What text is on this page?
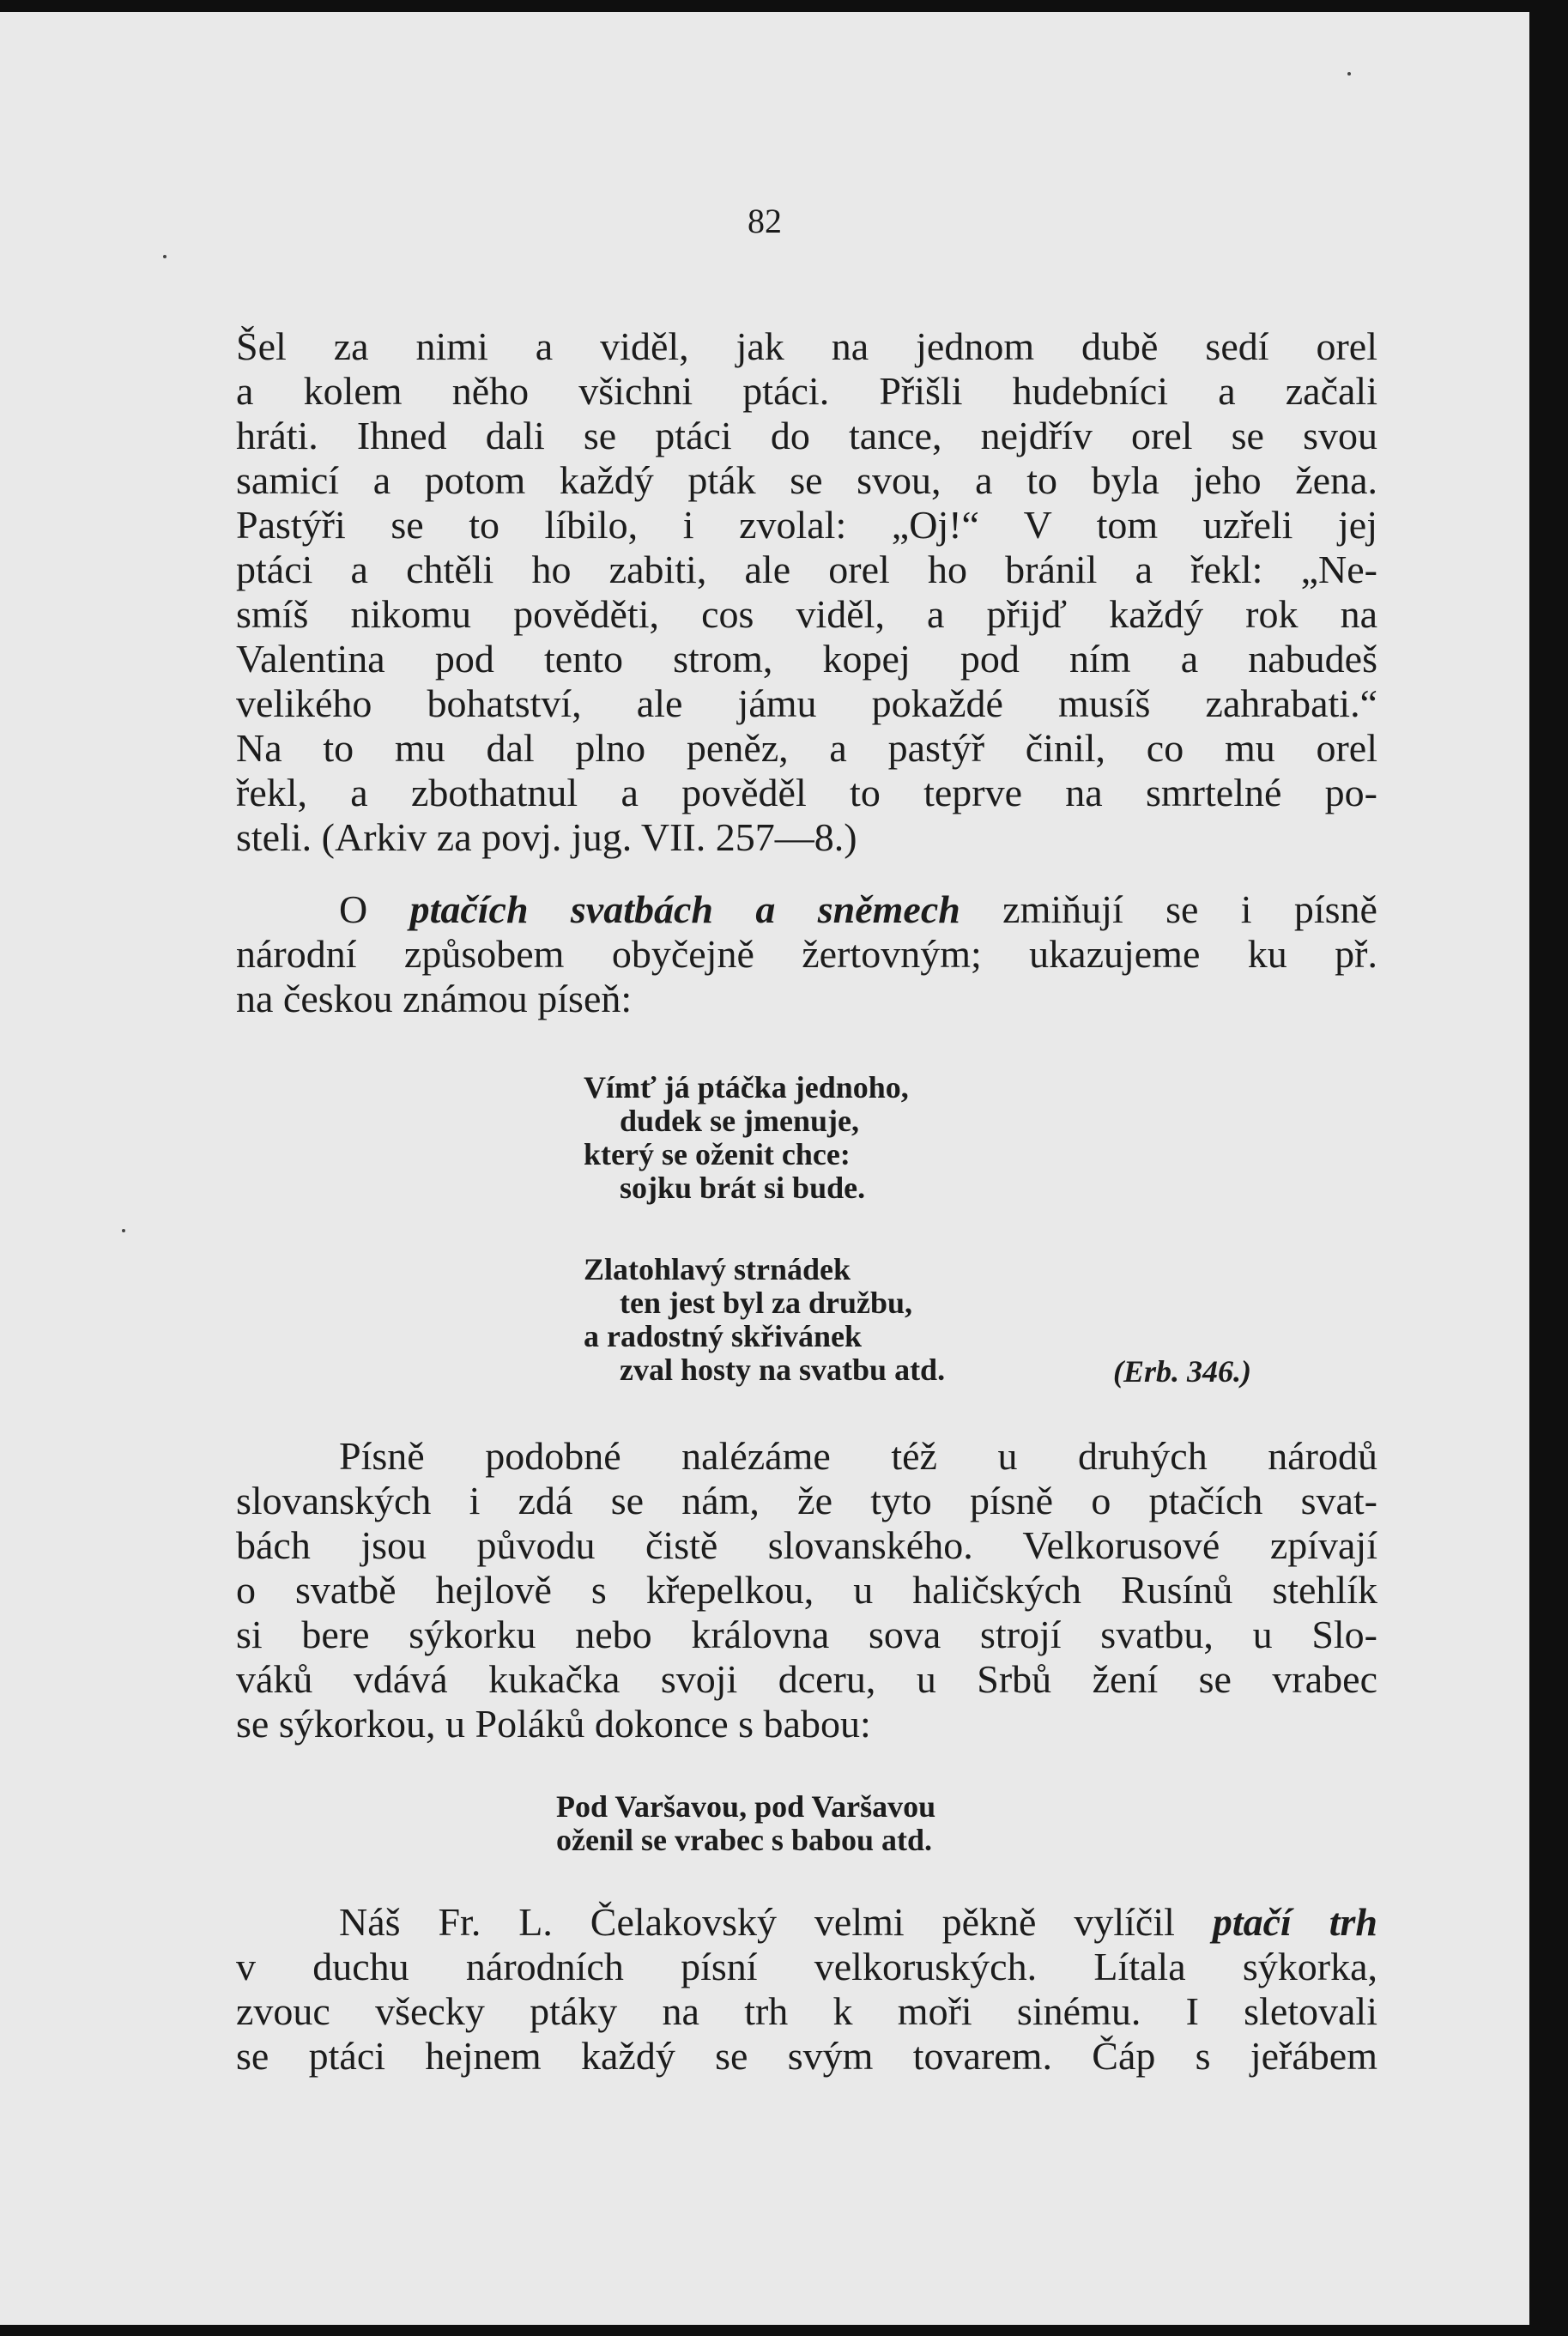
82
Šel za nimi a viděl, jak na jednom dubě sedí orel
a kolem něho všichni ptáci. Přišli hudebníci a začali
hráti. Ihned dali se ptáci do tance, nejdřív orel se svou
samicí a potom každý pták se svou, a to byla jeho žena.
Pastýři se to líbilo, i zvolal: „Oj!“ V tom uzřeli jej
ptáci a chtěli ho zabiti, ale orel ho bránil a řekl: „Ne-
smíš nikomu pověděti, cos viděl, a přijď každý rok na
Valentina pod tento strom, kopej pod ním a nabudeš
velikého bohatství, ale jámu pokaždé musíš zahrabati.“
Na to mu dal plno peněz, a pastýř činil, co mu orel
řekl, a zbothatnul a pověděl to teprve na smrtelné po-
steli. (Arkiv za povj. jug. VII. 257—8.)
O ptačích svatbách a sněmech zmiňují se i písně
národní způsobem obyčejně žertovným; ukazujeme ku př.
na českou známou píseň:
Vímť já ptáčka jednoho,
dudek se jmenuje,
který se oženit chce:
sojku brát si bude.
Zlatohlavý strnádek
ten jest byl za družbu,
a radostný skřivánek
zval hosty na svatbu atd.	(Erb. 346.)
Písně podobné nalézáme též u druhých národů
slovanských i zdá se nám, že tyto písně o ptačích svat-
bách jsou původu čistě slovanského. Velkorusové zpívají
o svatbě hejlově s křepelkou, u haličských Rusínů stehlík
si bere sýkorku nebo královna sova strojí svatbu, u Slo-
váků vdává kukačka svoji dceru, u Srbů žení se vrabec
se sýkorkou, u Poláků dokonce s babou:
Pod Varšavou, pod Varšavou
oženil se vrabec s babou atd.
Náš Fr. L. Čelakovský velmi pěkně vylíčil ptačí trh
v duchu národních písní velkoruských. Lítala sýkorka,
zvouc všecky ptáky na trh k moři sinému. I sletovali
se ptáci hejnem každý se svým tovarem. Čáp s jeřábem
